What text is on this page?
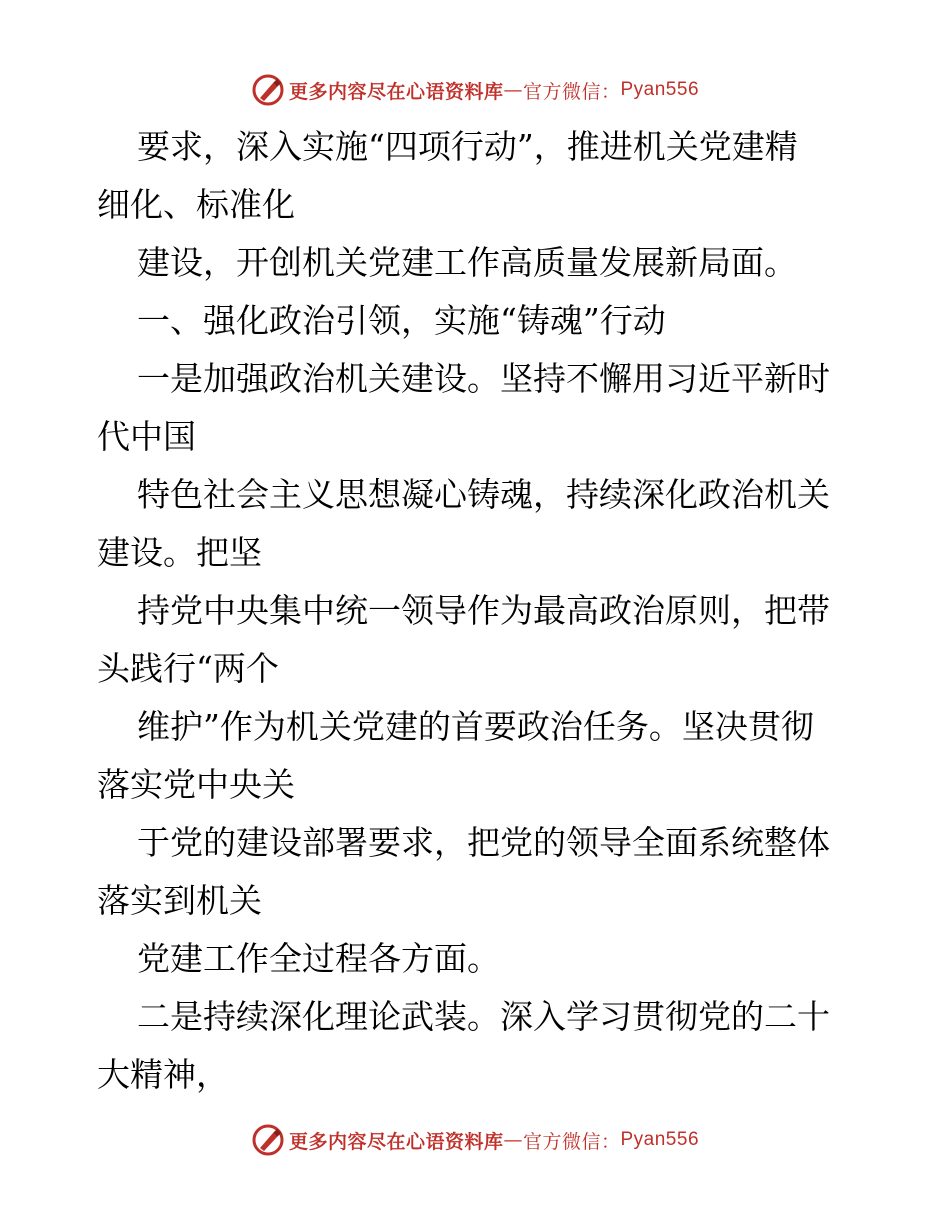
更多内容尽在心语资料库 — 官方微信： Pyan556

要求，深入实施“四项行动”，推进机关党建精

细化、标准化

建设，开创机关党建工作高质量发展新局面。

一、强化政治引领，实施“铸魂”行动

一是加强政治机关建设。坚持不懈用习近平新时

代中国

特色社会主义思想凝心铸魂，持续深化政治机关

建设。把坚

持党中央集中统一领导作为最高政治原则，把带

头践行“两个

维护”作为机关党建的首要政治任务。坚决贯彻

落实党中央关

于党的建设部署要求，把党的领导全面系统整体

落实到机关

党建工作全过程各方面。

二是持续深化理论武装。深入学习贯彻党的二十

大精神，

更多内容尽在心语资料库 — 官方微信： Pyan556
